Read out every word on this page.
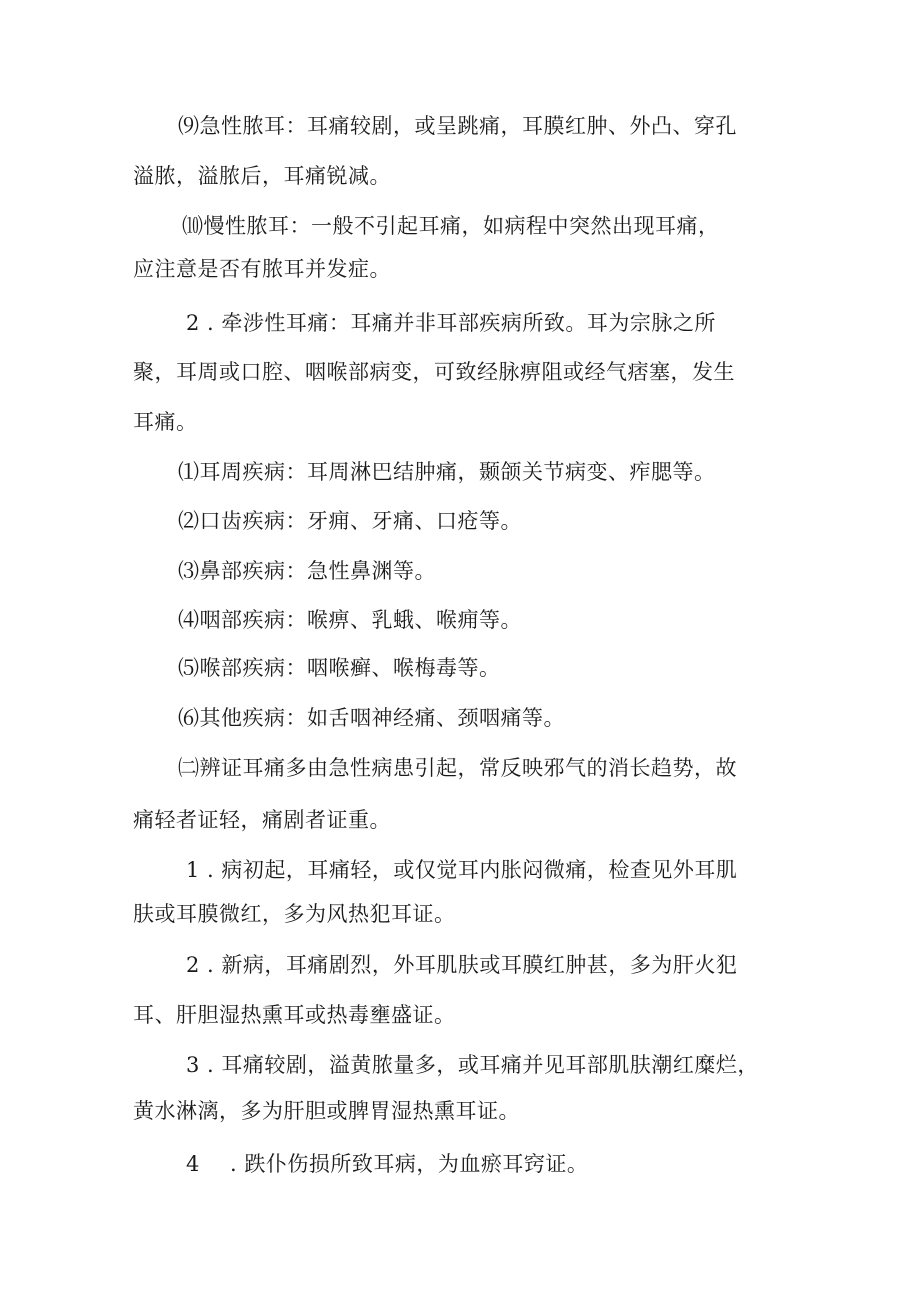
⑼急性脓耳：耳痛较剧，或呈跳痛，耳膜红肿、外凸、穿孔

溢脓，溢脓后，耳痛锐减。

⑽慢性脓耳：一般不引起耳痛，如病程中突然出现耳痛，

应注意是否有脓耳并发症。

2 . 牵涉性耳痛：耳痛并非耳部疾病所致。耳为宗脉之所

聚，耳周或口腔、咽喉部病变，可致经脉痹阻或经气痞塞，发生

耳痛。

⑴耳周疾病：耳周淋巴结肿痛，颞颌关节病变、痄腮等。

⑵口齿疾病：牙痈、牙痛、口疮等。

⑶鼻部疾病：急性鼻渊等。

⑷咽部疾病：喉痹、乳蛾、喉痈等。

⑸喉部疾病：咽喉癣、喉梅毒等。

⑹其他疾病：如舌咽神经痛、颈咽痛等。

㈡辨证耳痛多由急性病患引起，常反映邪气的消长趋势，故

痛轻者证轻，痛剧者证重。

1 . 病初起，耳痛轻，或仅觉耳内胀闷微痛，检查见外耳肌

肤或耳膜微红，多为风热犯耳证。

2 . 新病，耳痛剧烈，外耳肌肤或耳膜红肿甚，多为肝火犯

耳、肝胆湿热熏耳或热毒壅盛证。

3 . 耳痛较剧，溢黄脓量多，或耳痛并见耳部肌肤潮红糜烂，

黄水淋漓，多为肝胆或脾胃湿热熏耳证。

4 . 跌仆伤损所致耳病，为血瘀耳窍证。
